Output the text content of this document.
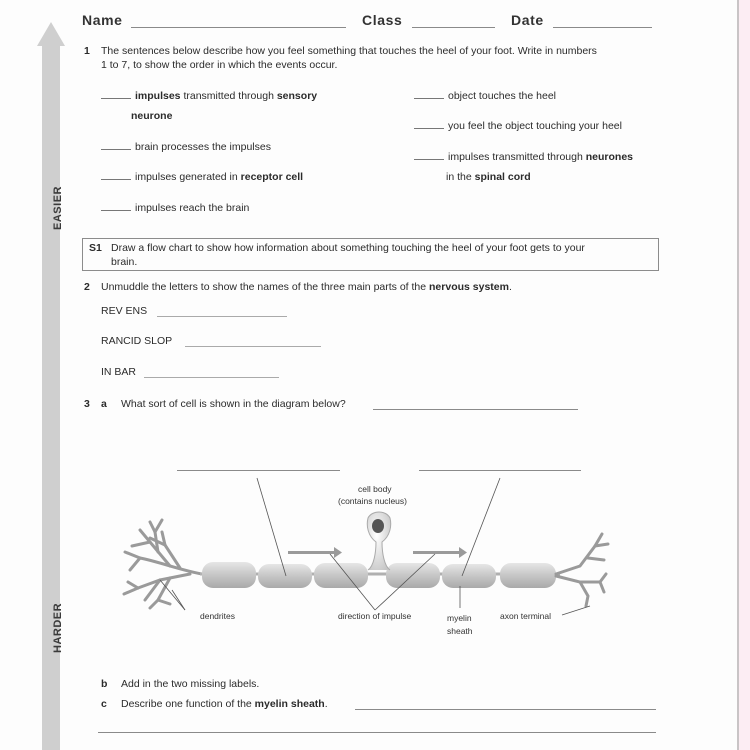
EASIER
HARDER
Name	Class	Date
1 The sentences below describe how you feel something that touches the heel of your foot. Write in numbers
1 to 7, to show the order in which the events occur.
impulses transmitted through sensory
neurone
brain processes the impulses
impulses generated in receptor cell
impulses reach the brain
object touches the heel
you feel the object touching your heel
impulses transmitted through neurones
in the spinal cord
S1 Draw a flow chart to show how information about something touching the heel of your foot gets to your
brain.
2 Unmuddle the letters to show the names of the three main parts of the nervous system.
REV ENS
RANCID SLOP
IN BAR
3 a What sort of cell is shown in the diagram below?
cell body
(contains nucleus)
dendrites	direction of impulse	myelin
sheath
axon terminal
b Add in the two missing labels.
c Describe one function of the myelin sheath.
